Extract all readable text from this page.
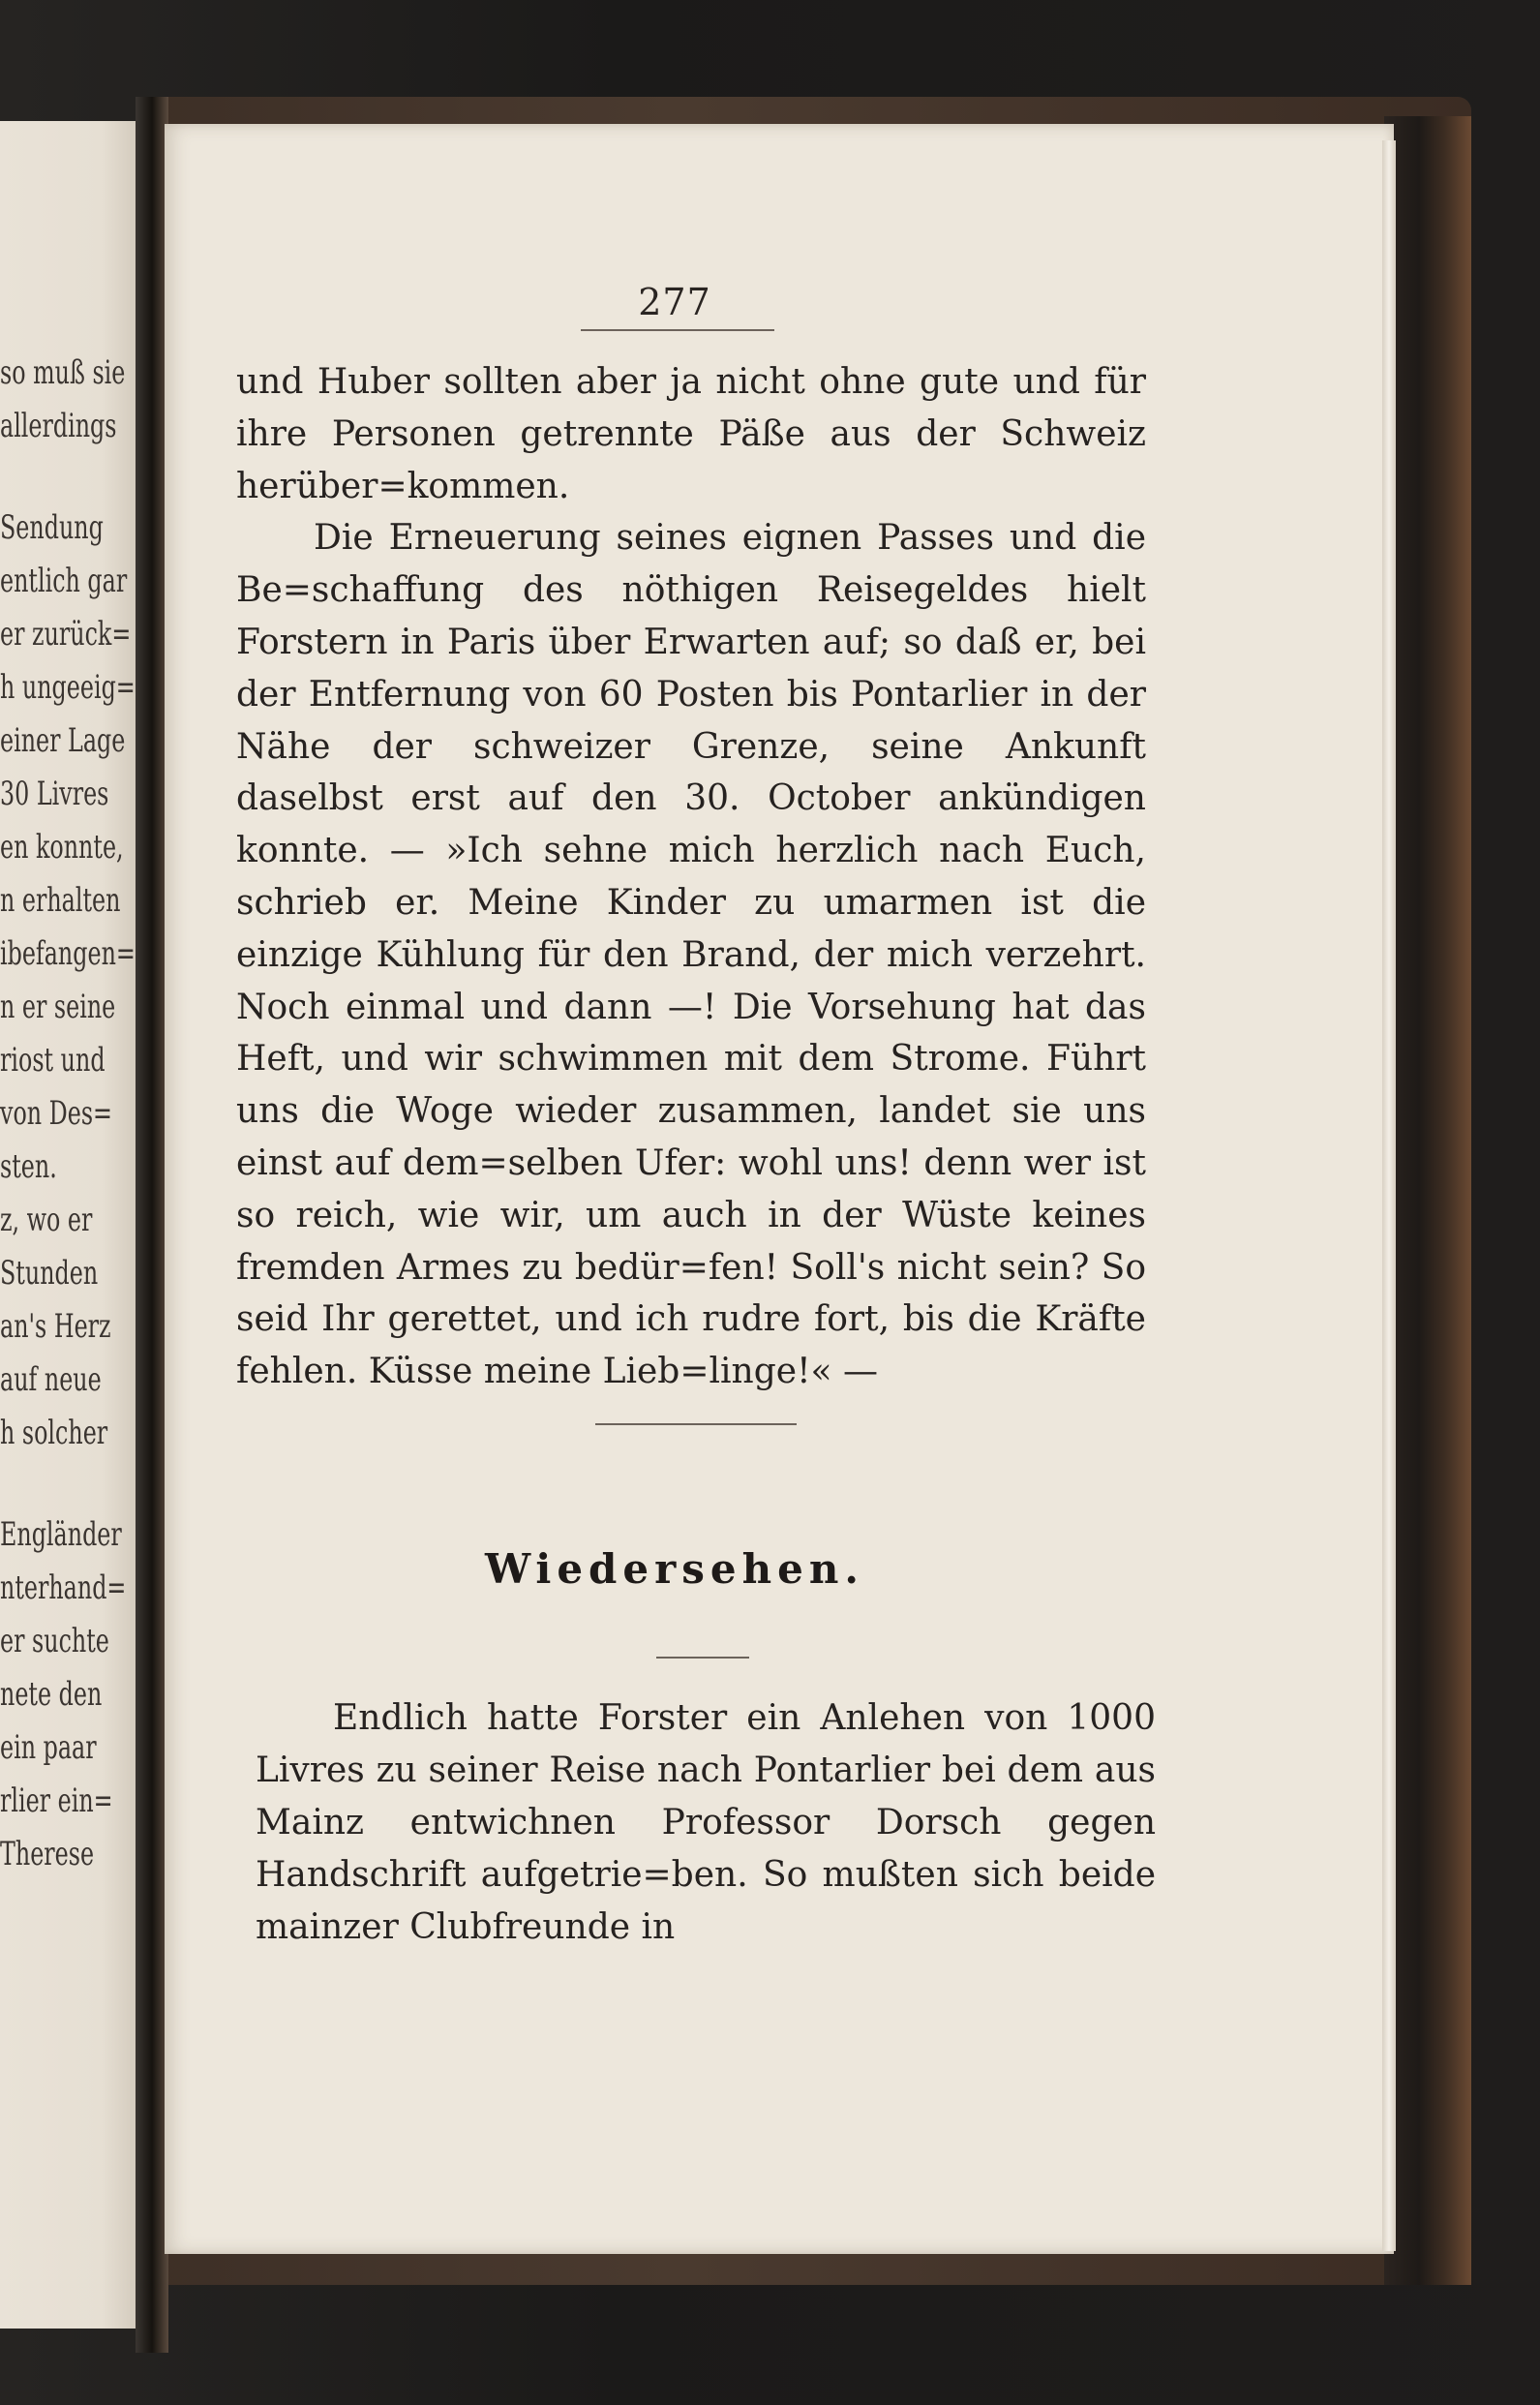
so muß sie
allerdings
Sendung
entlich gar
er zurück=
h ungeeig=
einer Lage
30 Livres
en konnte,
n erhalten
ibefangen=
n er seine
riost und
von Des=
sten.
z, wo er
Stunden
an's Herz
auf neue
h solcher
Engländer
nterhand=
er suchte
nete den
ein paar
rlier ein=
Therese
277

und Huber sollten aber ja nicht ohne gute und für ihre Personen getrennte Päße aus der Schweiz herüber=kommen.

Die Erneuerung seines eignen Passes und die Be=schaffung des nöthigen Reisegeldes hielt Forstern in Paris über Erwarten auf; so daß er, bei der Entfernung von 60 Posten bis Pontarlier in der Nähe der schweizer Grenze, seine Ankunft daselbst erst auf den 30. October ankündigen konnte. — »Ich sehne mich herzlich nach Euch, schrieb er. Meine Kinder zu umarmen ist die einzige Kühlung für den Brand, der mich verzehrt. Noch einmal und dann —! Die Vorsehung hat das Heft, und wir schwimmen mit dem Strome. Führt uns die Woge wieder zusammen, landet sie uns einst auf dem=selben Ufer: wohl uns! denn wer ist so reich, wie wir, um auch in der Wüste keines fremden Armes zu bedür=fen! Soll's nicht sein? So seid Ihr gerettet, und ich rudre fort, bis die Kräfte fehlen. Küsse meine Lieb=linge!« —

Wiedersehen.

Endlich hatte Forster ein Anlehen von 1000 Livres zu seiner Reise nach Pontarlier bei dem aus Mainz entwichnen Professor Dorsch gegen Handschrift aufgetrie=ben. So mußten sich beide mainzer Clubfreunde in
